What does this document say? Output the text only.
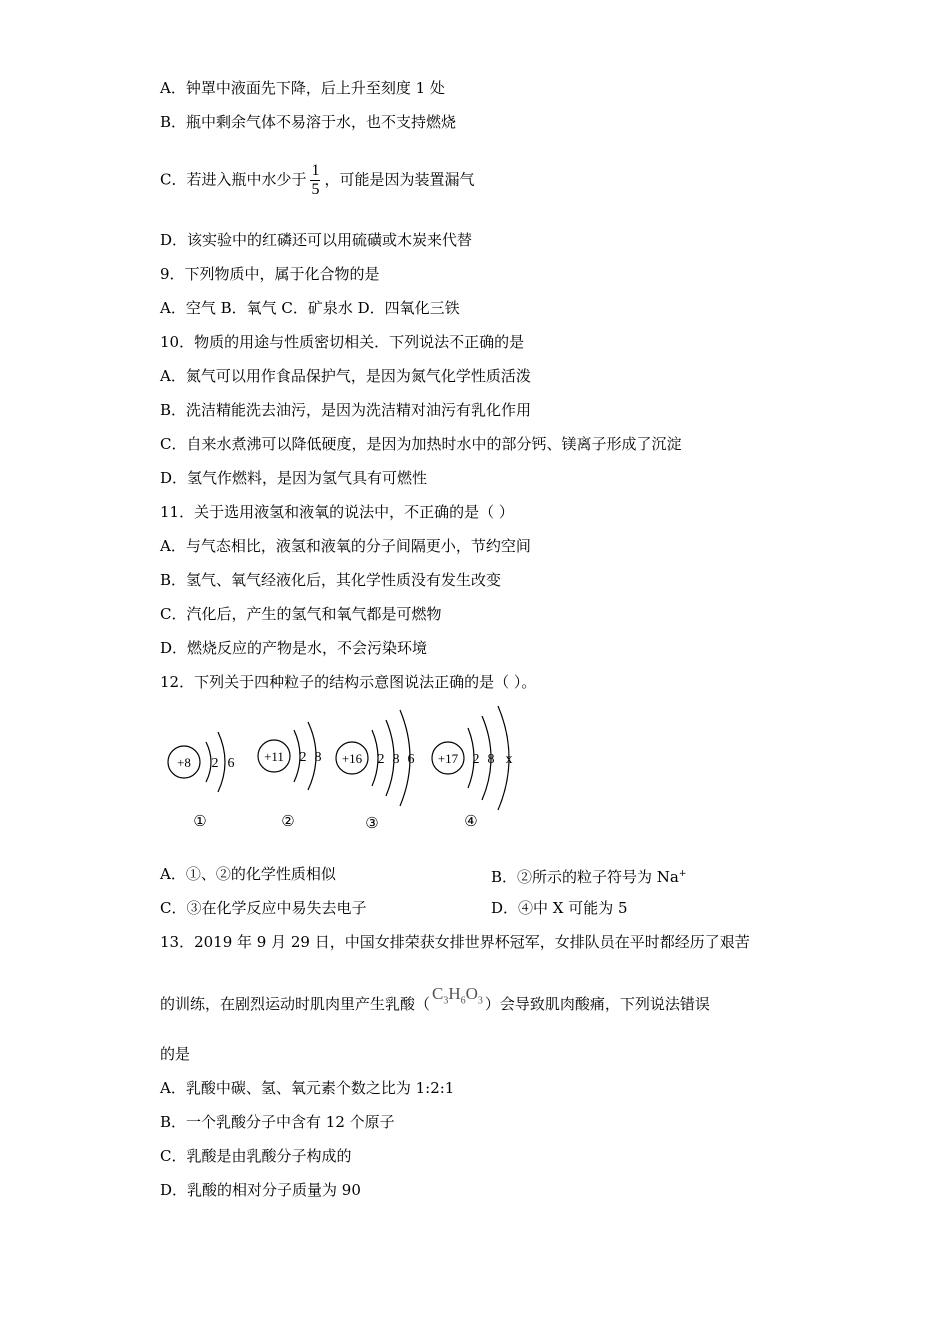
A．钟罩中液面先下降，后上升至刻度 1 处
B．瓶中剩余气体不易溶于水，也不支持燃烧
C．若进入瓶中水少于 $\frac{1}{5}$ ，可能是因为装置漏气
D．该实验中的红磷还可以用硫磺或木炭来代替
9．下列物质中，属于化合物的是
A．空气 B．氧气 C．矿泉水 D．四氧化三铁
10．物质的用途与性质密切相关．下列说法不正确的是
A．氮气可以用作食品保护气，是因为氮气化学性质活泼
B．洗洁精能洗去油污，是因为洗洁精对油污有乳化作用
C．自来水煮沸可以降低硬度，是因为加热时水中的部分钙、镁离子形成了沉淀
D．氢气作燃料，是因为氢气具有可燃性
11．关于选用液氢和液氧的说法中，不正确的是（ ）
A．与气态相比，液氢和液氧的分子间隔更小，节约空间
B．氢气、氧气经液化后，其化学性质没有发生改变
C．汽化后，产生的氢气和氧气都是可燃物
D．燃烧反应的产物是水，不会污染环境
12．下列关于四种粒子的结构示意图说法正确的是（ ）。
+8 2 6
①
+11 2 8
②
+16 2 8 6
③
+17 2 8 x
④
A．①、②的化学性质相似	B．②所示的粒子符号为 Na+
C．③在化学反应中易失去电子	D．④中 X 可能为 5
13．2019 年 9 月 29 日，中国女排荣获女排世界杯冠军，女排队员在平时都经历了艰苦
的训练，在剧烈运动时肌肉里产生乳酸（$C_3H_6O_3$ ）会导致肌肉酸痛，下列说法错误
的是
A．乳酸中碳、氢、氧元素个数之比为 1:2:1
B．一个乳酸分子中含有 12 个原子
C．乳酸是由乳酸分子构成的
D．乳酸的相对分子质量为 90
